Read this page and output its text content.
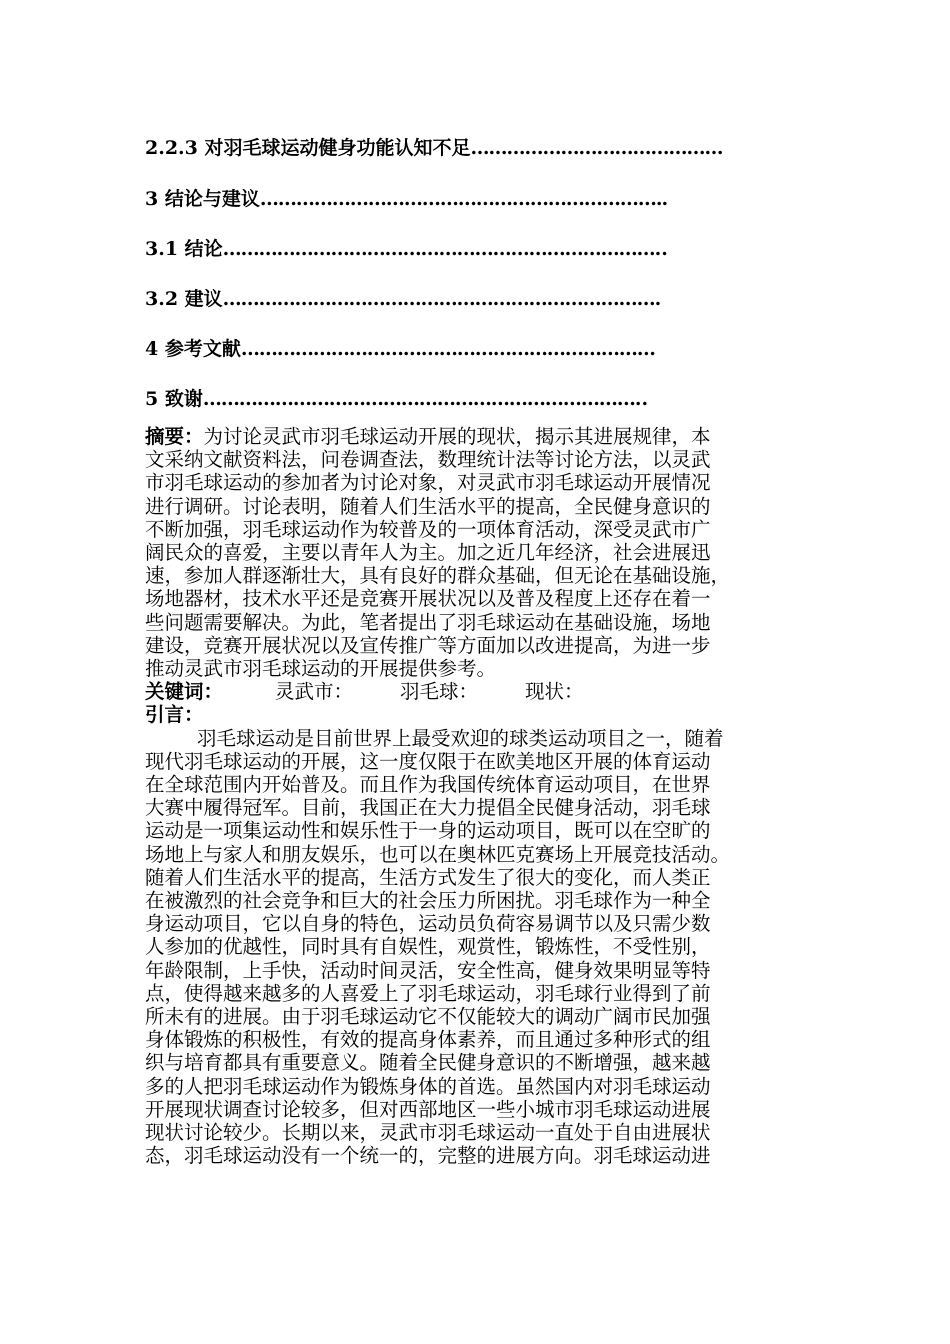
2.2.3 对羽毛球运动健身功能认知不足……………………………………
3 结论与建议…………………………………………………………..
3.1 结论………………………………………………………………..
3.2 建议……………………………………………………………….
4 参考文献……………………………………………………………
5 致谢………………………………………………………………..

摘要：为讨论灵武市羽毛球运动开展的现状，揭示其进展规律，本

文采纳文献资料法，问卷调查法，数理统计法等讨论方法，以灵武

市羽毛球运动的参加者为讨论对象，对灵武市羽毛球运动开展情况

进行调研。讨论表明，随着人们生活水平的提高，全民健身意识的

不断加强，羽毛球运动作为较普及的一项体育活动，深受灵武市广

阔民众的喜爱，主要以青年人为主。加之近几年经济，社会进展迅

速，参加人群逐渐壮大，具有良好的群众基础，但无论在基础设施，

场地器材，技术水平还是竞赛开展状况以及普及程度上还存在着一

些问题需要解决。为此，笔者提出了羽毛球运动在基础设施，场地

建设，竞赛开展状况以及宣传推广等方面加以改进提高，为进一步

推动灵武市羽毛球运动的开展提供参考。

关键词：	灵武市： 羽毛球： 现状：

引言：

羽毛球运动是目前世界上最受欢迎的球类运动项目之一，随着

现代羽毛球运动的开展，这一度仅限于在欧美地区开展的体育运动

在全球范围内开始普及。而且作为我国传统体育运动项目，在世界

大赛中履得冠军。目前，我国正在大力提倡全民健身活动，羽毛球

运动是一项集运动性和娱乐性于一身的运动项目，既可以在空旷的

场地上与家人和朋友娱乐，也可以在奥林匹克赛场上开展竞技活动。

随着人们生活水平的提高，生活方式发生了很大的变化，而人类正

在被激烈的社会竞争和巨大的社会压力所困扰。羽毛球作为一种全

身运动项目，它以自身的特色，运动员负荷容易调节以及只需少数

人参加的优越性，同时具有自娱性，观赏性，锻炼性，不受性别，

年龄限制，上手快，活动时间灵活，安全性高，健身效果明显等特

点，使得越来越多的人喜爱上了羽毛球运动，羽毛球行业得到了前

所未有的进展。由于羽毛球运动它不仅能较大的调动广阔市民加强

身体锻炼的积极性，有效的提高身体素养，而且通过多种形式的组

织与培育都具有重要意义。随着全民健身意识的不断增强，越来越

多的人把羽毛球运动作为锻炼身体的首选。虽然国内对羽毛球运动

开展现状调查讨论较多，但对西部地区一些小城市羽毛球运动进展

现状讨论较少。长期以来，灵武市羽毛球运动一直处于自由进展状

态，羽毛球运动没有一个统一的，完整的进展方向。羽毛球运动进
